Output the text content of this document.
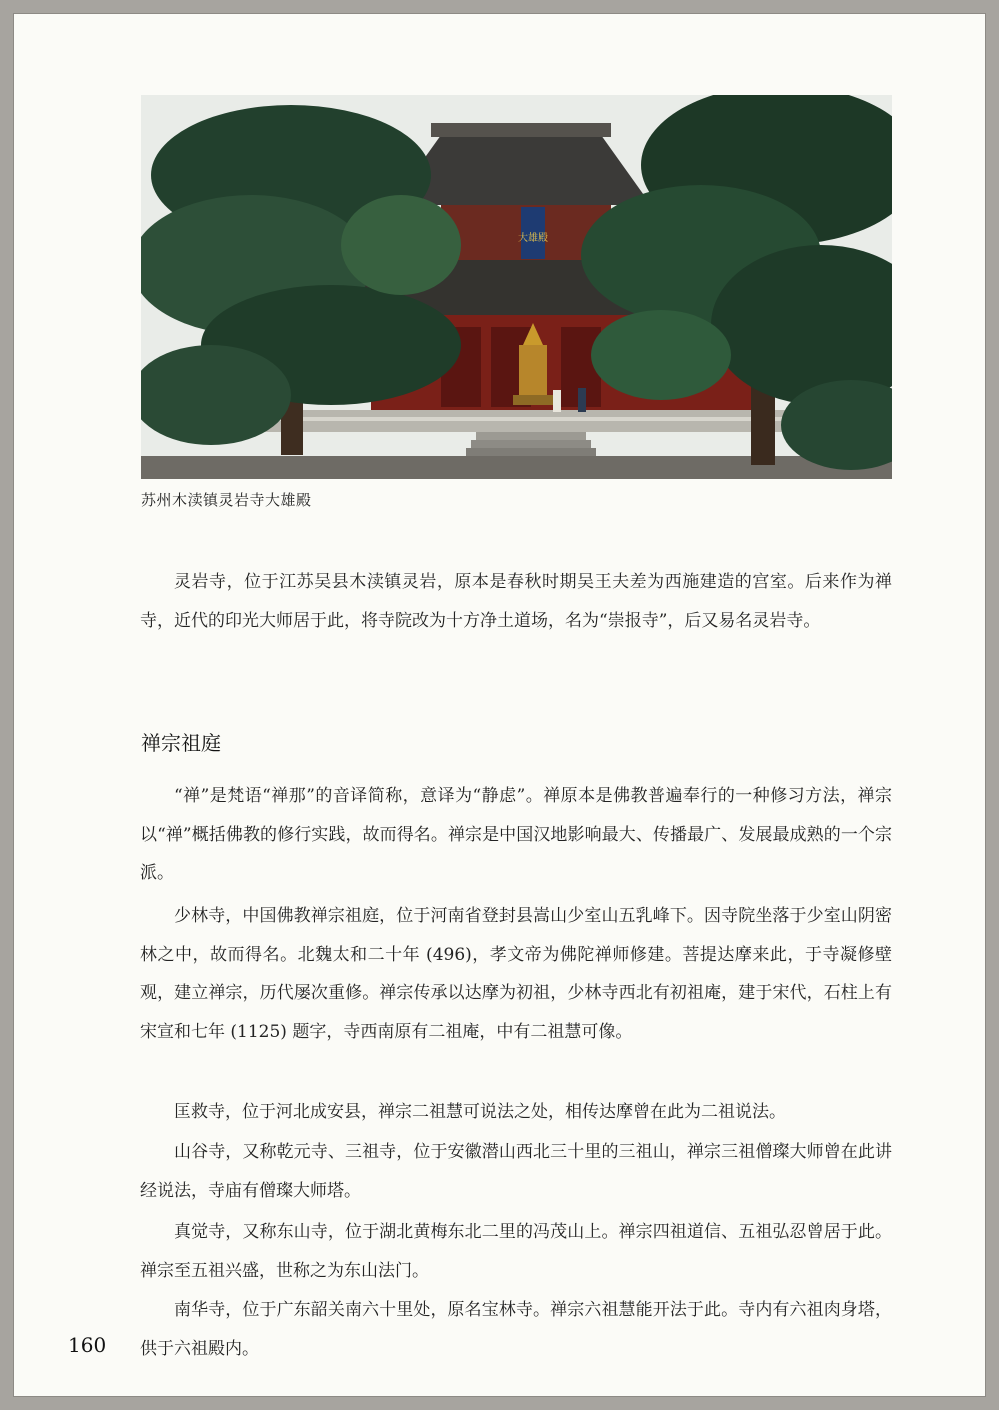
大雄殿
苏州木渎镇灵岩寺大雄殿

灵岩寺，位于江苏吴县木渎镇灵岩，原本是春秋时期吴王夫差为西施建造的宫室。后来作为禅寺，近代的印光大师居于此，将寺院改为十方净土道场，名为“崇报寺”，后又易名灵岩寺。

禅宗祖庭

“禅”是梵语“禅那”的音译简称，意译为“静虑”。禅原本是佛教普遍奉行的一种修习方法，禅宗以“禅”概括佛教的修行实践，故而得名。禅宗是中国汉地影响最大、传播最广、发展最成熟的一个宗派。

少林寺，中国佛教禅宗祖庭，位于河南省登封县嵩山少室山五乳峰下。因寺院坐落于少室山阴密林之中，故而得名。北魏太和二十年 (496)，孝文帝为佛陀禅师修建。菩提达摩来此，于寺凝修壁观，建立禅宗，历代屡次重修。禅宗传承以达摩为初祖，少林寺西北有初祖庵，建于宋代，石柱上有宋宣和七年 (1125) 题字，寺西南原有二祖庵，中有二祖慧可像。

匡救寺，位于河北成安县，禅宗二祖慧可说法之处，相传达摩曾在此为二祖说法。

山谷寺，又称乾元寺、三祖寺，位于安徽潜山西北三十里的三祖山，禅宗三祖僧璨大师曾在此讲经说法，寺庙有僧璨大师塔。

真觉寺，又称东山寺，位于湖北黄梅东北二里的冯茂山上。禅宗四祖道信、五祖弘忍曾居于此。禅宗至五祖兴盛，世称之为东山法门。

南华寺，位于广东韶关南六十里处，原名宝林寺。禅宗六祖慧能开法于此。寺内有六祖肉身塔，供于六祖殿内。

160
